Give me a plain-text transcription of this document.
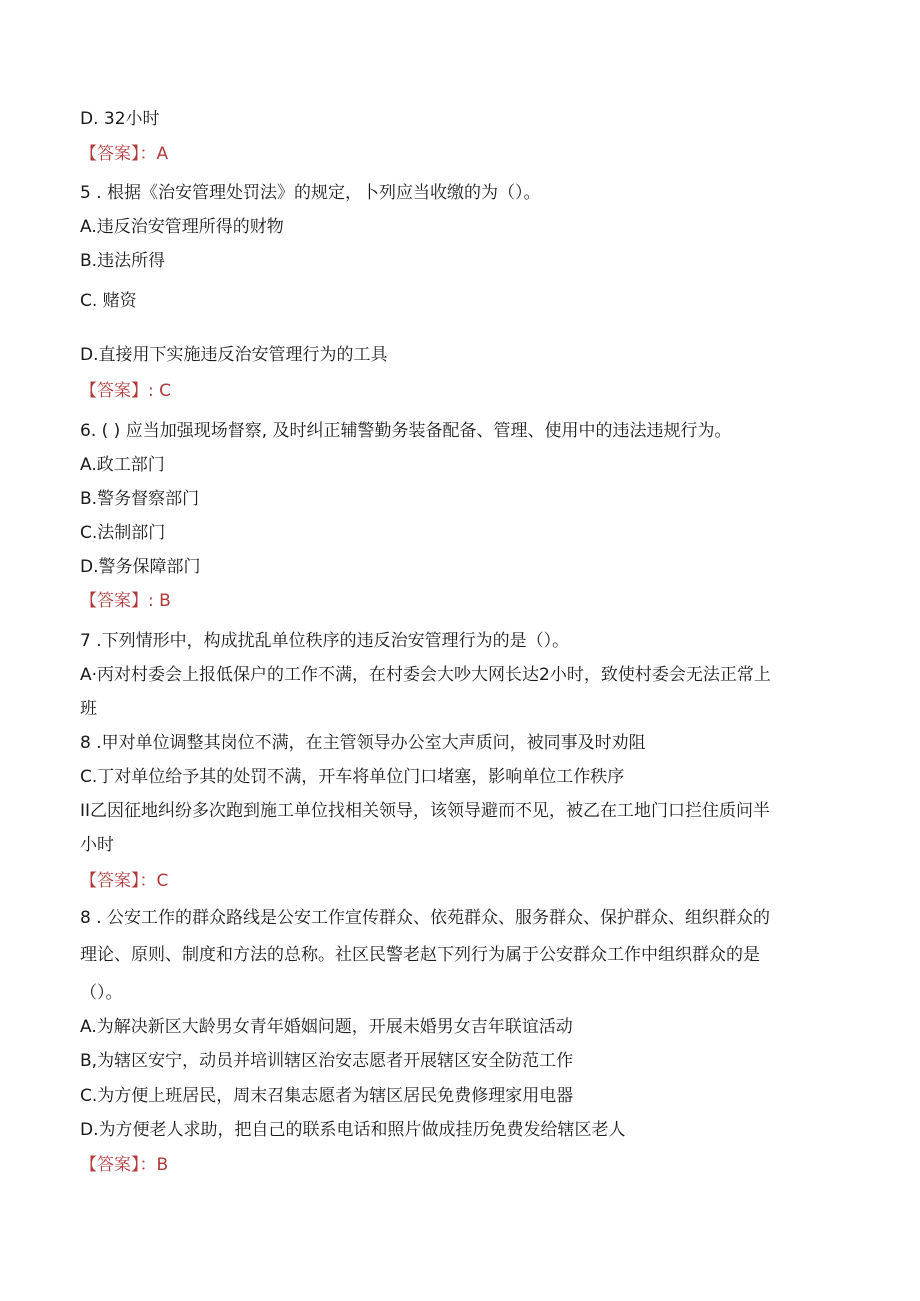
D. 32小时
【答案】：A
5 . 根据《治安管理处罚法》的规定，卜列应当收缴的为（）。
A.违反治安管理所得的财物
B.违法所得
C. 赌资
D.直接用下实施违反治安管理行为的工具
【答案】: C
6. ( ) 应当加强现场督察, 及时纠正辅警勤务装备配备、管理、使用中的违法违规行为。
A.政工部门
B.警务督察部门
C.法制部门
D.警务保障部门
【答案】: B
7 .下列情形中，构成扰乱单位秩序的违反治安管理行为的是（）。
A·丙对村委会上报低保户的工作不满，在村委会大吵大网长达2小时，致使村委会无法正常上
班
8 .甲对单位调整其岗位不满，在主管领导办公室大声质问，被同事及时劝阻
C.丁对单位给予其的处罚不满，开车将单位门口堵塞，影响单位工作秩序
II乙因征地纠纷多次跑到施工单位找相关领导，该领导避而不见，被乙在工地门口拦住质问半
小时
【答案】：C
8 . 公安工作的群众路线是公安工作宣传群众、依苑群众、服务群众、保护群众、组织群众的
理论、原则、制度和方法的总称。社区民警老赵下列行为属于公安群众工作中组织群众的是
（）。
A.为解决新区大龄男女青年婚姻问题，开展未婚男女吉年联谊活动
B,为辖区安宁，动员并培训辖区治安志愿者开展辖区安全防范工作
C.为方便上班居民，周末召集志愿者为辖区居民免费修理家用电器
D.为方便老人求助，把自己的联系电话和照片做成挂历免费发给辖区老人
【答案】：B
